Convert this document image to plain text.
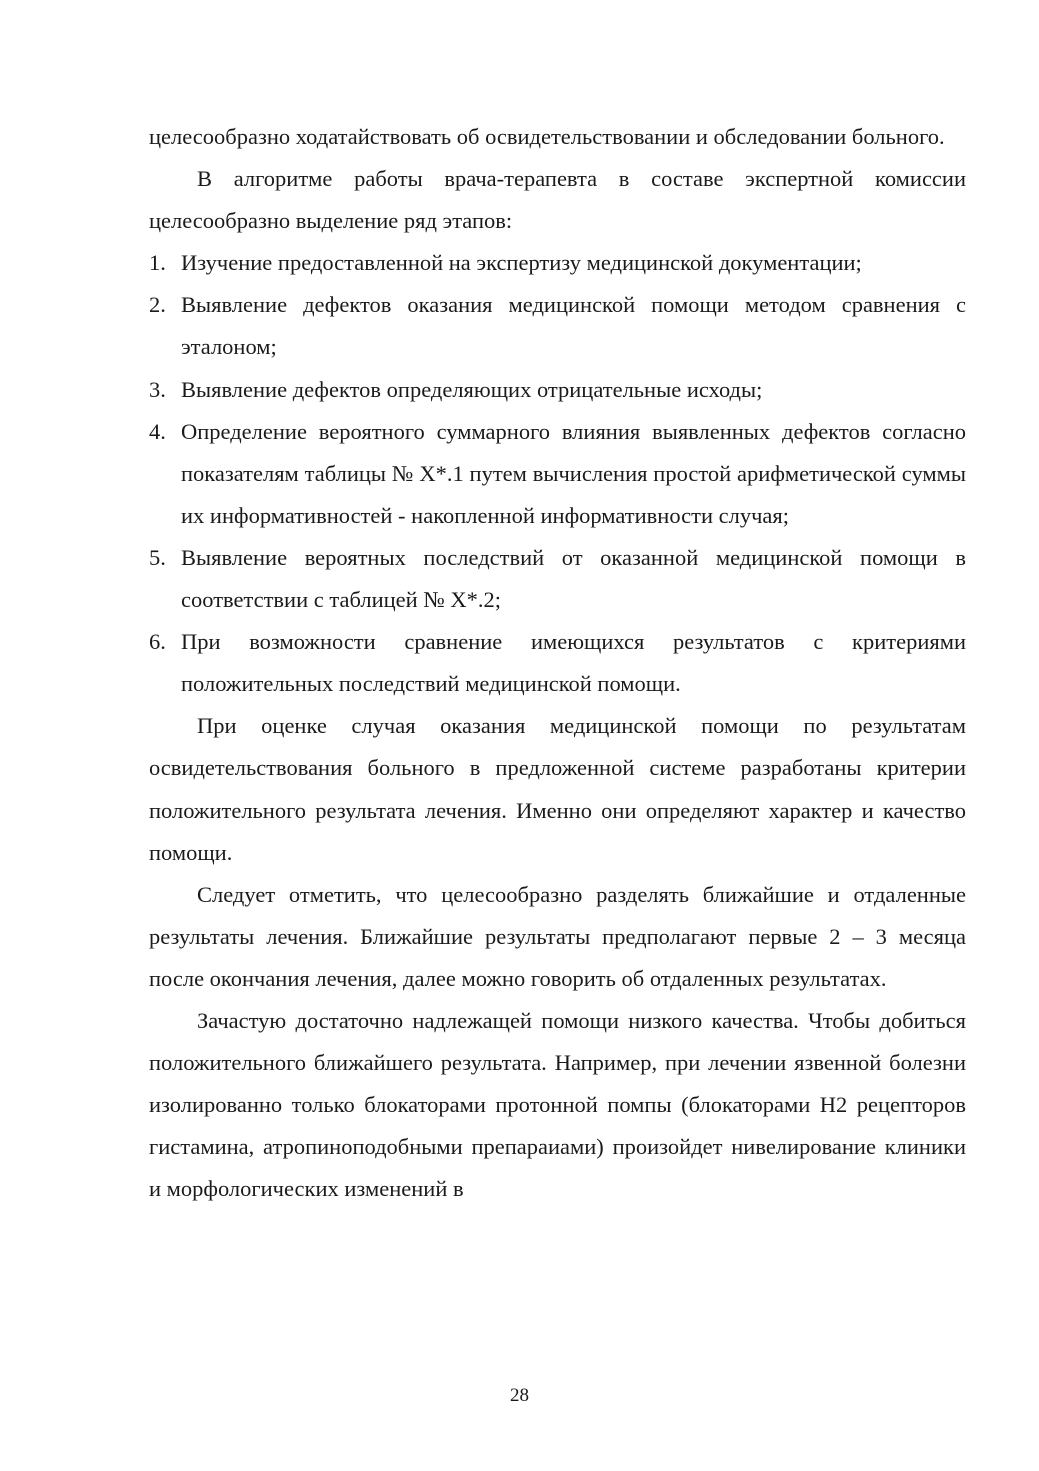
целесообразно ходатайствовать об освидетельствовании и обследовании больного.

В алгоритме работы врача-терапевта в составе экспертной комиссии целесообразно выделение ряд этапов:

1. Изучение предоставленной на экспертизу медицинской документации;
2. Выявление дефектов оказания медицинской помощи методом сравнения с эталоном;
3. Выявление дефектов определяющих отрицательные исходы;
4. Определение вероятного суммарного влияния выявленных дефектов согласно показателям таблицы № Х*.1 путем вычисления простой арифметической суммы их информативностей - накопленной информативности случая;
5. Выявление вероятных последствий от оказанной медицинской помощи в соответствии с таблицей № Х*.2;
6. При возможности сравнение имеющихся результатов с критериями положительных последствий медицинской помощи.

При оценке случая оказания медицинской помощи по результатам освидетельствования больного в предложенной системе разработаны критерии положительного результата лечения. Именно они определяют характер и качество помощи.

Следует отметить, что целесообразно разделять ближайшие и отдаленные результаты лечения. Ближайшие результаты предполагают первые 2 – 3 месяца после окончания лечения, далее можно говорить об отдаленных результатах.

Зачастую достаточно надлежащей помощи низкого качества. Чтобы добиться положительного ближайшего результата. Например, при лечении язвенной болезни изолированно только блокаторами протонной помпы (блокаторами Н2 рецепторов гистамина, атропиноподобными препараиами) произойдет нивелирование клиники и морфологических изменений в

28
